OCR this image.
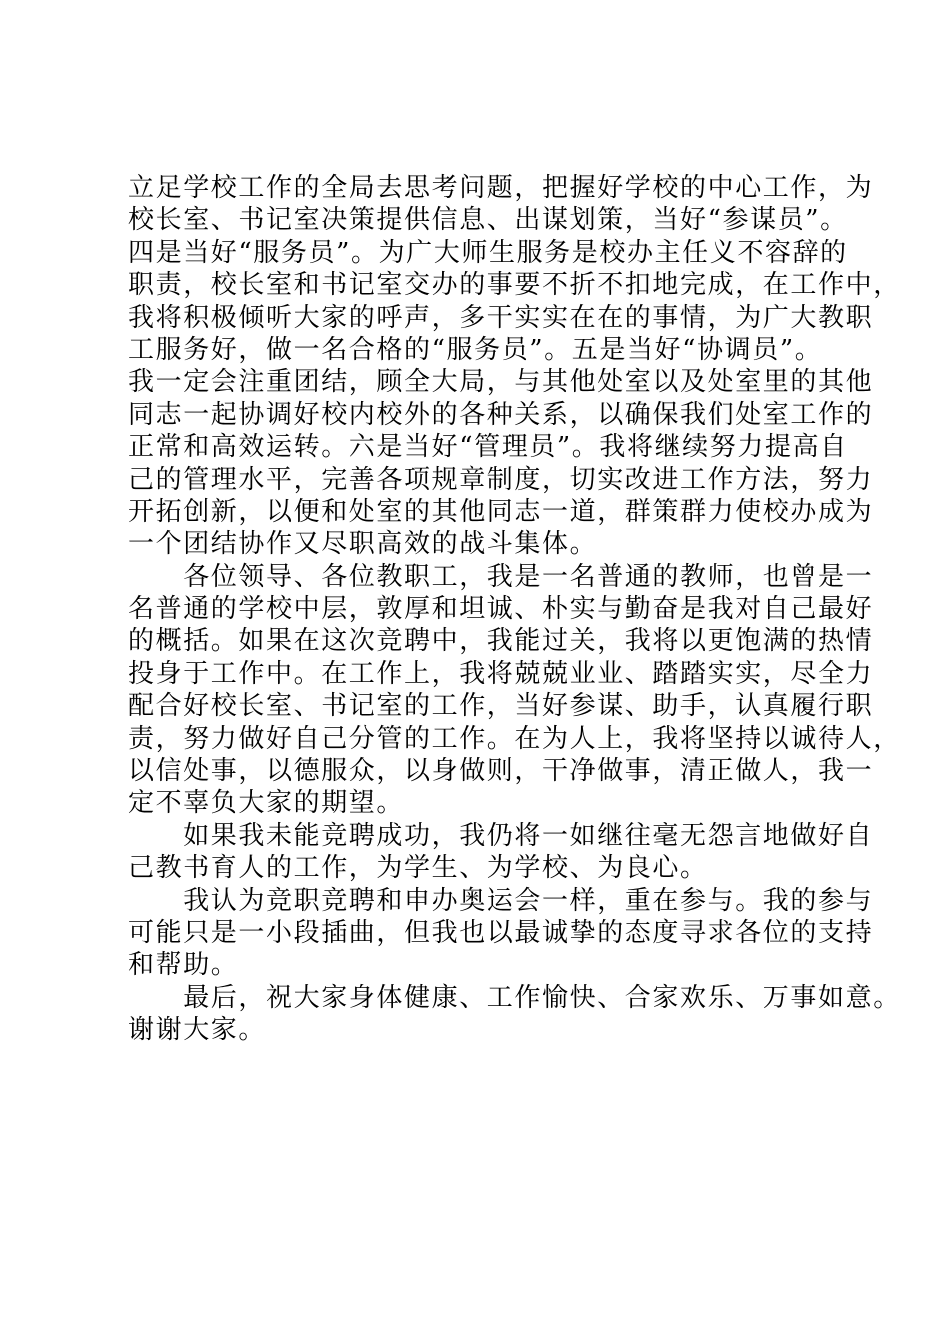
立足学校工作的全局去思考问题，把握好学校的中心工作，为
校长室、书记室决策提供信息、出谋划策，当好“参谋员”。
四是当好“服务员”。为广大师生服务是校办主任义不容辞的
职责，校长室和书记室交办的事要不折不扣地完成，在工作中，
我将积极倾听大家的呼声，多干实实在在的事情，为广大教职
工服务好，做一名合格的“服务员”。五是当好“协调员”。
我一定会注重团结，顾全大局，与其他处室以及处室里的其他
同志一起协调好校内校外的各种关系，以确保我们处室工作的
正常和高效运转。六是当好“管理员”。我将继续努力提高自
己的管理水平，完善各项规章制度，切实改进工作方法，努力
开拓创新，以便和处室的其他同志一道，群策群力使校办成为
一个团结协作又尽职高效的战斗集体。
　　各位领导、各位教职工，我是一名普通的教师，也曾是一
名普通的学校中层，敦厚和坦诚、朴实与勤奋是我对自己最好
的概括。如果在这次竞聘中，我能过关，我将以更饱满的热情
投身于工作中。在工作上，我将兢兢业业、踏踏实实，尽全力
配合好校长室、书记室的工作，当好参谋、助手，认真履行职
责，努力做好自己分管的工作。在为人上，我将坚持以诚待人，
以信处事，以德服众，以身做则，干净做事，清正做人，我一
定不辜负大家的期望。
　　如果我未能竞聘成功，我仍将一如继往毫无怨言地做好自
己教书育人的工作，为学生、为学校、为良心。
　　我认为竞职竞聘和申办奥运会一样，重在参与。我的参与
可能只是一小段插曲，但我也以最诚挚的态度寻求各位的支持
和帮助。
　　最后，祝大家身体健康、工作愉快、合家欢乐、万事如意。
谢谢大家。
